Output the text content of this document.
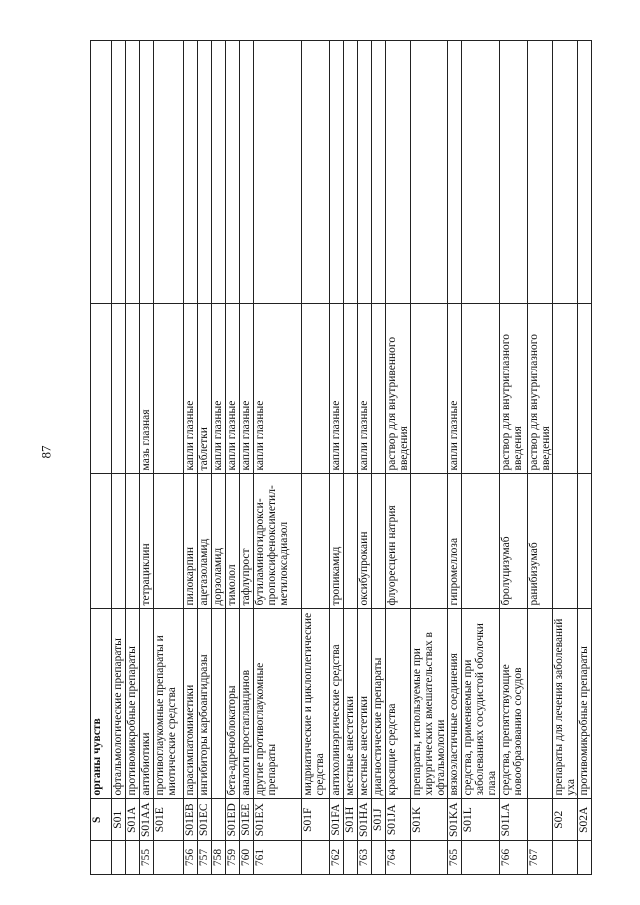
87
	S	органы чувств			
	S01	офтальмологические препараты			
	S01A	противомикробные препараты			
755	S01AA	антибиотики	тетрациклин	мазь глазная	
	S01E	противоглаукомные препараты и миотические средства			
756	S01EB	парасимпатомиметики	пилокарпин	капли глазные	
757	S01EC	ингибиторы карбоангидразы	ацетазоламид	таблетки	
758			дорзоламид	капли глазные	
759	S01ED	бета-адреноблокаторы	тимолол	капли глазные	
760	S01EE	аналоги простагландинов	тафлупрост	капли глазные	
761	S01EX	другие противоглаукомные препараты	бутиламиногидрокси-пропоксифеноксиметил-метилоксадиазол	капли глазные	
	S01F	мидриатические и циклоплегические средства			
762	S01FA	антихолинэргические средства	тропикамид	капли глазные	
	S01H	местные анестетики			
763	S01HA	местные анестетики	оксибупрокаин	капли глазные	
	S01J	диагностические препараты			
764	S01JA	красящие средства	флуоресцеин натрия	раствор для внутривенного введения	
	S01K	препараты, используемые при хирургических вмешательствах в офтальмологии			
765	S01KA	вязкоэластичные соединения	гипромеллоза	капли глазные	
	S01L	средства, применяемые при заболеваниях сосудистой оболочки глаза			
766	S01LA	средства, препятствующие новообразованию сосудов	бролуцизумаб	раствор для внутриглазного введения	
767			ранибизумаб	раствор для внутриглазного введения	
	S02	препараты для лечения заболеваний уха			
	S02A	противомикробные препараты			
